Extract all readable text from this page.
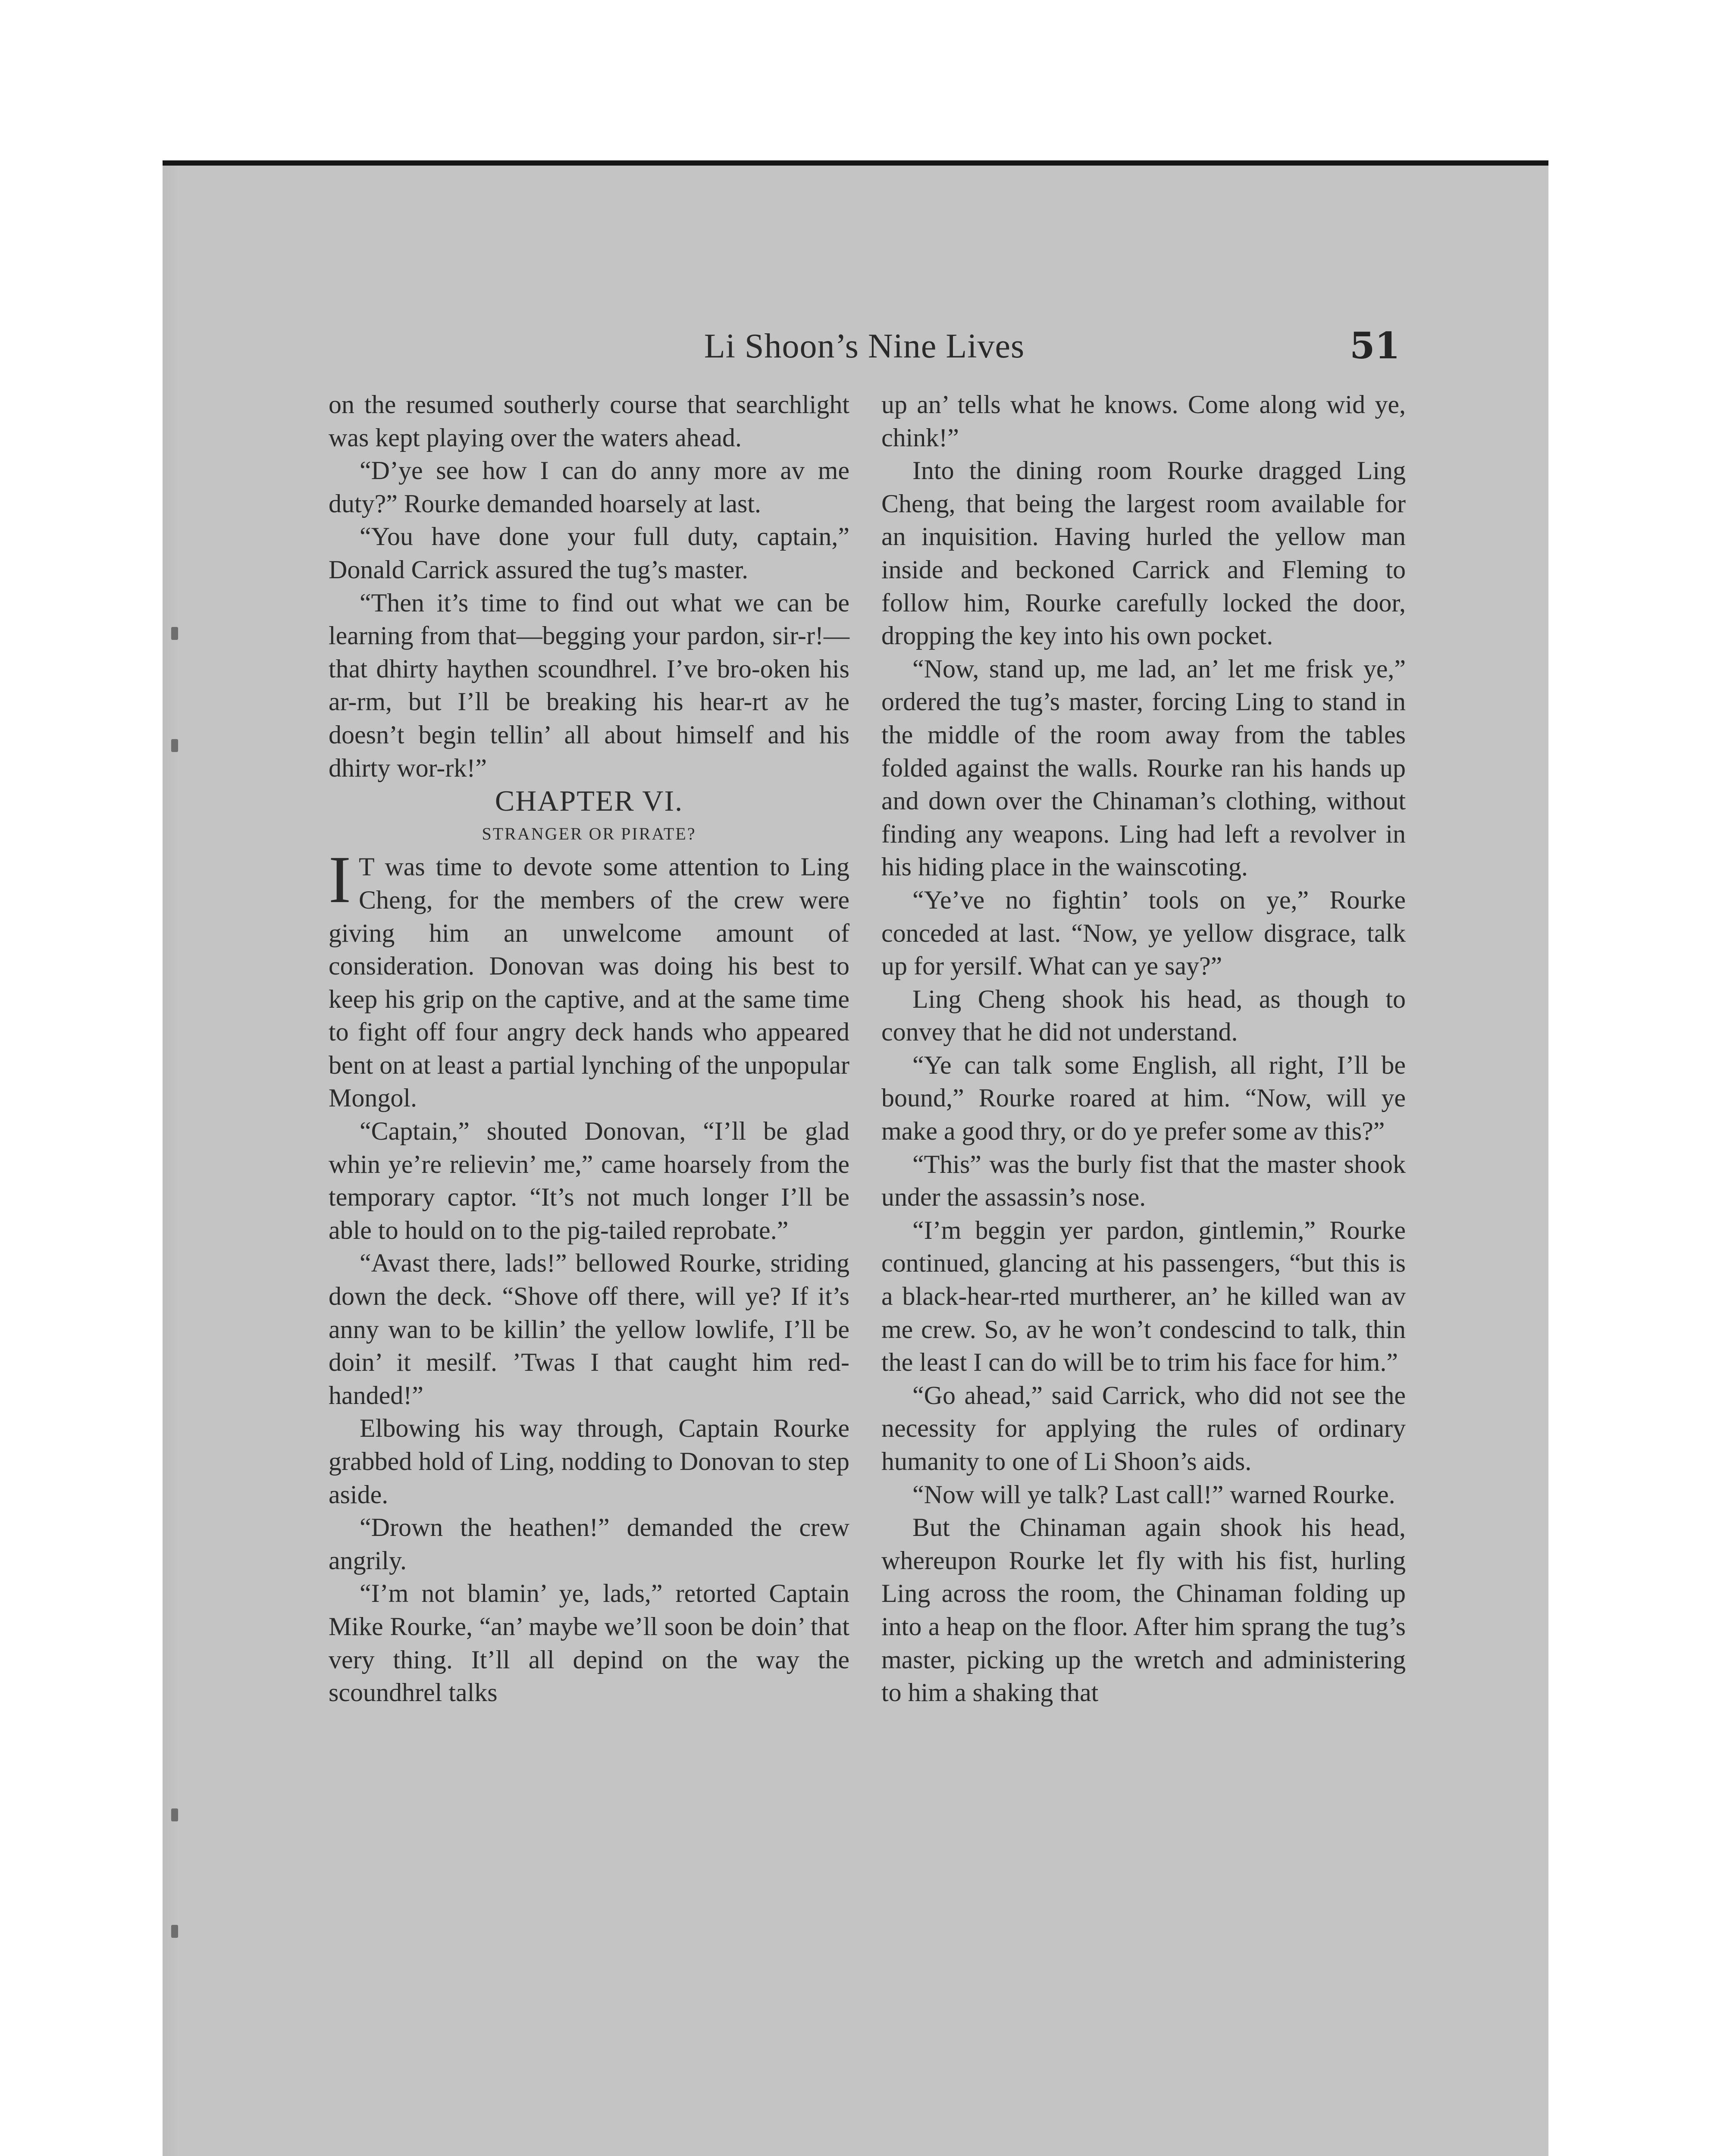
Li Shoon’s Nine Lives	51

on the resumed southerly course that searchlight was kept playing over the waters ahead.

“D’ye see how I can do anny more av me duty?” Rourke demanded hoarsely at last.

“You have done your full duty, captain,” Donald Carrick assured the tug’s master.

“Then it’s time to find out what we can be learning from that—begging your pardon, sir-r!—that dhirty haythen scoundhrel. I’ve bro-oken his ar-rm, but I’ll be breaking his hear-rt av he doesn’t begin tellin’ all about himself and his dhirty wor-rk!”

CHAPTER VI.

STRANGER OR PIRATE?

I T was time to devote some attention to Ling Cheng, for the members of the crew were giving him an unwelcome amount of consideration. Donovan was doing his best to keep his grip on the captive, and at the same time to fight off four angry deck hands who appeared bent on at least a partial lynching of the unpopular Mongol.

“Captain,” shouted Donovan, “I’ll be glad whin ye’re relievin’ me,” came hoarsely from the temporary captor. “It’s not much longer I’ll be able to hould on to the pig-tailed reprobate.”

“Avast there, lads!” bellowed Rourke, striding down the deck. “Shove off there, will ye? If it’s anny wan to be killin’ the yellow lowlife, I’ll be doin’ it mesilf. ’Twas I that caught him red-handed!”

Elbowing his way through, Captain Rourke grabbed hold of Ling, nodding to Donovan to step aside.

“Drown the heathen!” demanded the crew angrily.

“I’m not blamin’ ye, lads,” retorted Captain Mike Rourke, “an’ maybe we’ll soon be doin’ that very thing. It’ll all depind on the way the scoundhrel talks

up an’ tells what he knows. Come along wid ye, chink!”

Into the dining room Rourke dragged Ling Cheng, that being the largest room available for an inquisition. Having hurled the yellow man inside and beckoned Carrick and Fleming to follow him, Rourke carefully locked the door, dropping the key into his own pocket.

“Now, stand up, me lad, an’ let me frisk ye,” ordered the tug’s master, forcing Ling to stand in the middle of the room away from the tables folded against the walls. Rourke ran his hands up and down over the Chinaman’s clothing, without finding any weapons. Ling had left a revolver in his hiding place in the wainscoting.

“Ye’ve no fightin’ tools on ye,” Rourke conceded at last. “Now, ye yellow disgrace, talk up for yersilf. What can ye say?”

Ling Cheng shook his head, as though to convey that he did not understand.

“Ye can talk some English, all right, I’ll be bound,” Rourke roared at him. “Now, will ye make a good thry, or do ye prefer some av this?”

“This” was the burly fist that the master shook under the assassin’s nose.

“I’m beggin yer pardon, gintlemin,” Rourke continued, glancing at his passengers, “but this is a black-hear-rted murtherer, an’ he killed wan av me crew. So, av he won’t condescind to talk, thin the least I can do will be to trim his face for him.”

“Go ahead,” said Carrick, who did not see the necessity for applying the rules of ordinary humanity to one of Li Shoon’s aids.

“Now will ye talk? Last call!” warned Rourke.

But the Chinaman again shook his head, whereupon Rourke let fly with his fist, hurling Ling across the room, the Chinaman folding up into a heap on the floor. After him sprang the tug’s master, picking up the wretch and administering to him a shaking that
